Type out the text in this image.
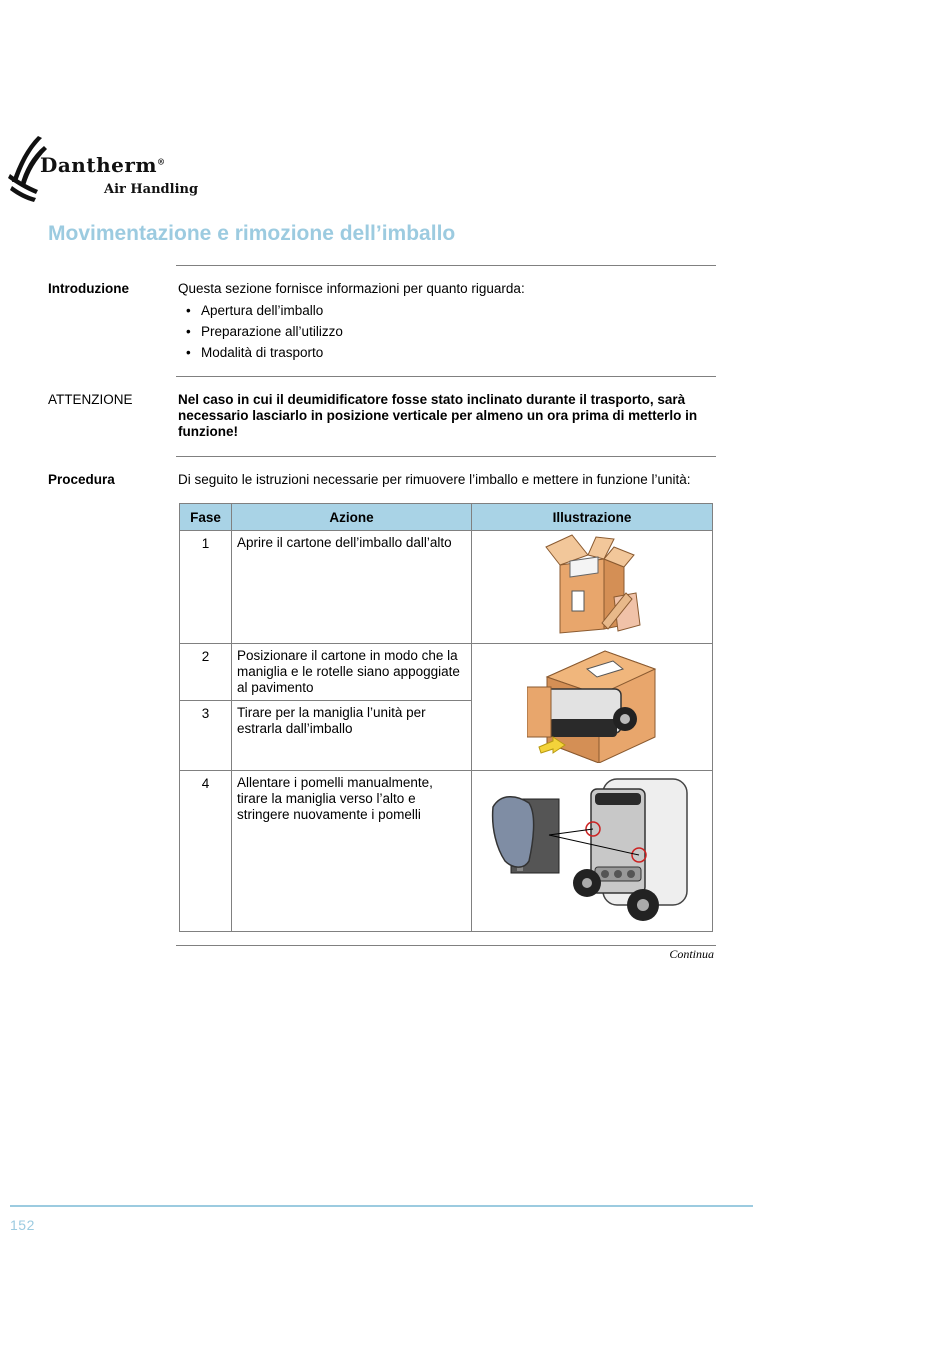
Dantherm®
Air Handling
Movimentazione e rimozione dell’imballo
Introduzione	Questa sezione fornisce informazioni per quanto riguarda:
• Apertura dell’imballo
• Preparazione all’utilizzo
• Modalità di trasporto
ATTENZIONE	Nel caso in cui il deumidificatore fosse stato inclinato durante il trasporto, sarà necessario lasciarlo in posizione verticale per almeno un ora prima di metterlo in funzione!
Procedura	Di seguito le istruzioni necessarie per rimuovere l’imballo e mettere in funzione l’unità:
Fase	Azione	Illustrazione
1	Aprire il cartone dell’imballo dall’alto	
2	Posizionare il cartone in modo che la maniglia e le rotelle siano appoggiate al pavimento	
3	Tirare per la maniglia l’unità per estrarla dall’imballo	
4	Allentare i pomelli manualmente, tirare la maniglia verso l’alto e stringere nuovamente i pomelli	
Continua
152
